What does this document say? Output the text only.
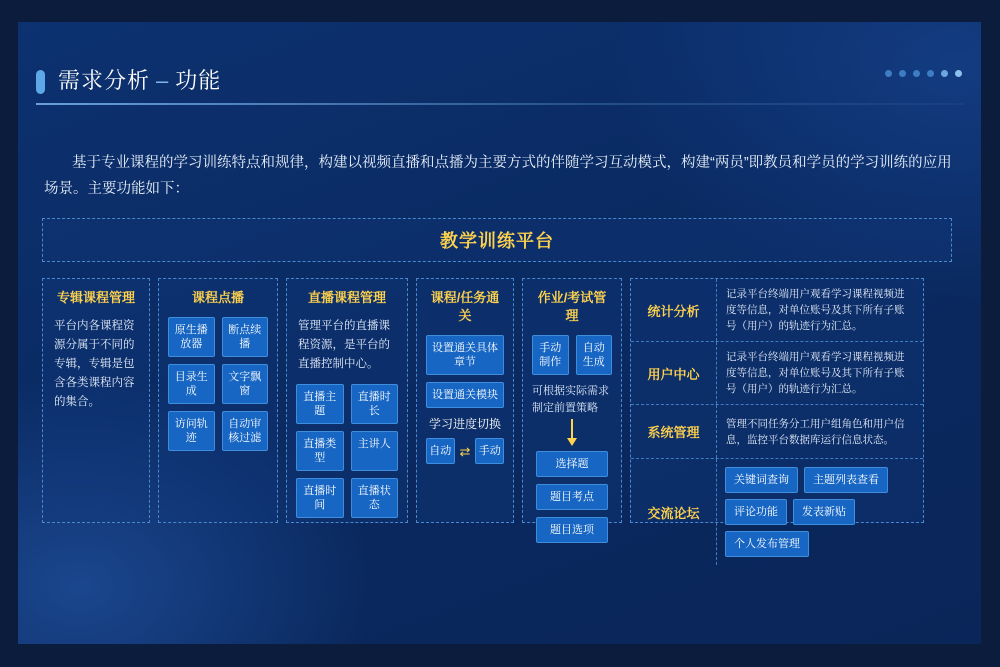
需求分析 – 功能
基于专业课程的学习训练特点和规律，构建以视频直播和点播为主要方式的伴随学习互动模式，构建“两员”即教员和学员的学习训练的应用场景。主要功能如下：
教学训练平台
专辑课程管理
平台内各课程资源分属于不同的专辑，专辑是包含各类课程内容的集合。
课程点播
原生播放器
断点续播
目录生成
文字飘窗
访问轨迹
自动审核过滤
直播课程管理
管理平台的直播课程资源，是平台的直播控制中心。
直播主题
直播时长
直播类型
主讲人
直播时间
直播状态
课程/任务通关
设置通关具体章节
设置通关模块
学习进度切换
自动 ⇄ 手动
作业/考试管理
手动制作
自动生成
可根据实际需求制定前置策略
选择题
题目考点
题目选项
统计分析
记录平台终端用户观看学习课程视频进度等信息，对单位账号及其下所有子账号（用户）的轨迹行为汇总。
用户中心
记录平台终端用户观看学习课程视频进度等信息，对单位账号及其下所有子账号（用户）的轨迹行为汇总。
系统管理
管理不同任务分工用户组角色和用户信息，监控平台数据库运行信息状态。
交流论坛
关键词查询	主题列表查看
评论功能	发表新贴
个人发布管理
